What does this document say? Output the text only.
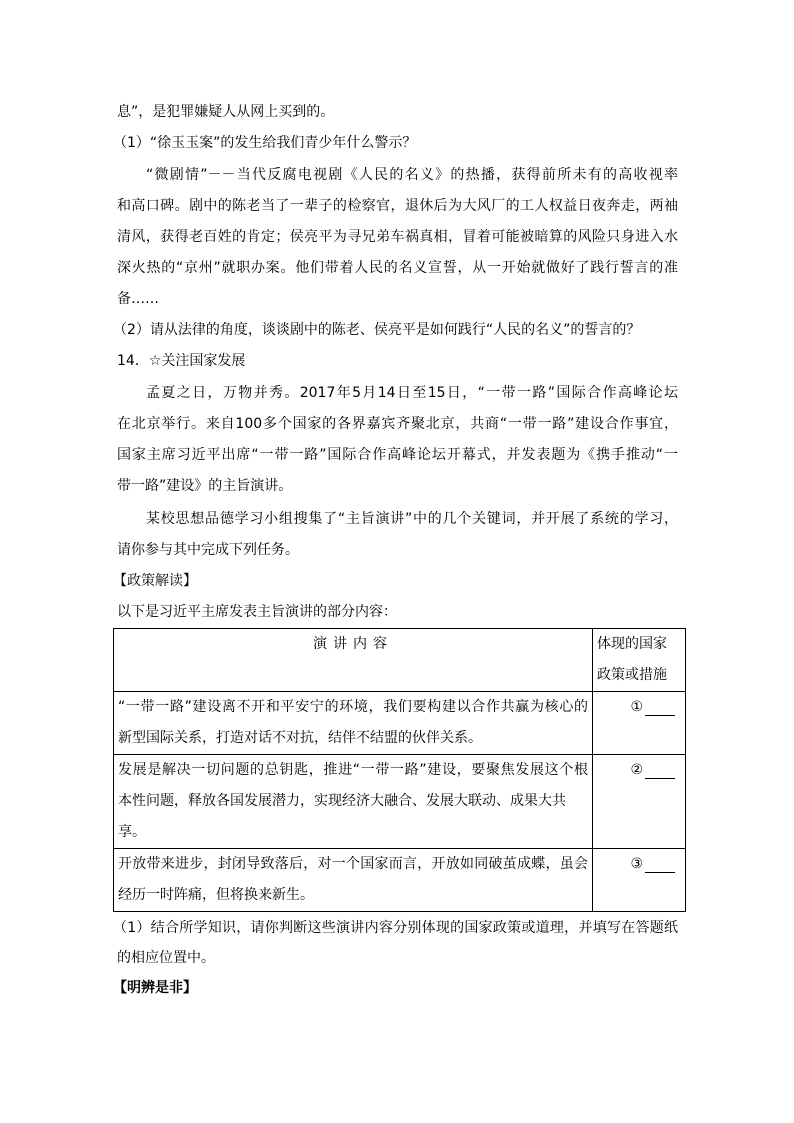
息”，是犯罪嫌疑人从网上买到的。
（1）“徐玉玉案”的发生给我们青少年什么警示？
“微剧情”－－当代反腐电视剧《人民的名义》的热播，获得前所未有的高收视率
和高口碑。剧中的陈老当了一辈子的检察官，退休后为大风厂的工人权益日夜奔走，两袖
清风，获得老百姓的肯定；侯亮平为寻兄弟车祸真相，冒着可能被暗算的风险只身进入水
深火热的“京州”就职办案。他们带着人民的名义宣誓，从一开始就做好了践行誓言的准
备……
（2）请从法律的角度，谈谈剧中的陈老、侯亮平是如何践行“人民的名义”的誓言的？
14．☆关注国家发展
孟夏之日，万物并秀。2017年5月14日至15日，“一带一路”国际合作高峰论坛
在北京举行。来自100多个国家的各界嘉宾齐聚北京，共商“一带一路”建设合作事宜，
国家主席习近平出席“一带一路”国际合作高峰论坛开幕式，并发表题为《携手推动“一
带一路”建设》的主旨演讲。
某校思想品德学习小组搜集了“主旨演讲”中的几个关键词，并开展了系统的学习，
请你参与其中完成下列任务。
【政策解读】
以下是习近平主席发表主旨演讲的部分内容：
演讲内容	体现的国家
政策或措施

“一带一路”建设离不开和平安宁的环境，我们要构建以合作共赢为核心的
新型国际关系，打造对话不对抗，结伴不结盟的伙伴关系。	①

发展是解决一切问题的总钥匙，推进“一带一路”建设，要聚焦发展这个根
本性问题，释放各国发展潜力，实现经济大融合、发展大联动、成果大共享。	②

开放带来进步，封闭导致落后，对一个国家而言，开放如同破茧成蝶，虽会
经历一时阵痛，但将换来新生。	③
（1）结合所学知识，请你判断这些演讲内容分别体现的国家政策或道理，并填写在答题纸
的相应位置中。
【明辨是非】
